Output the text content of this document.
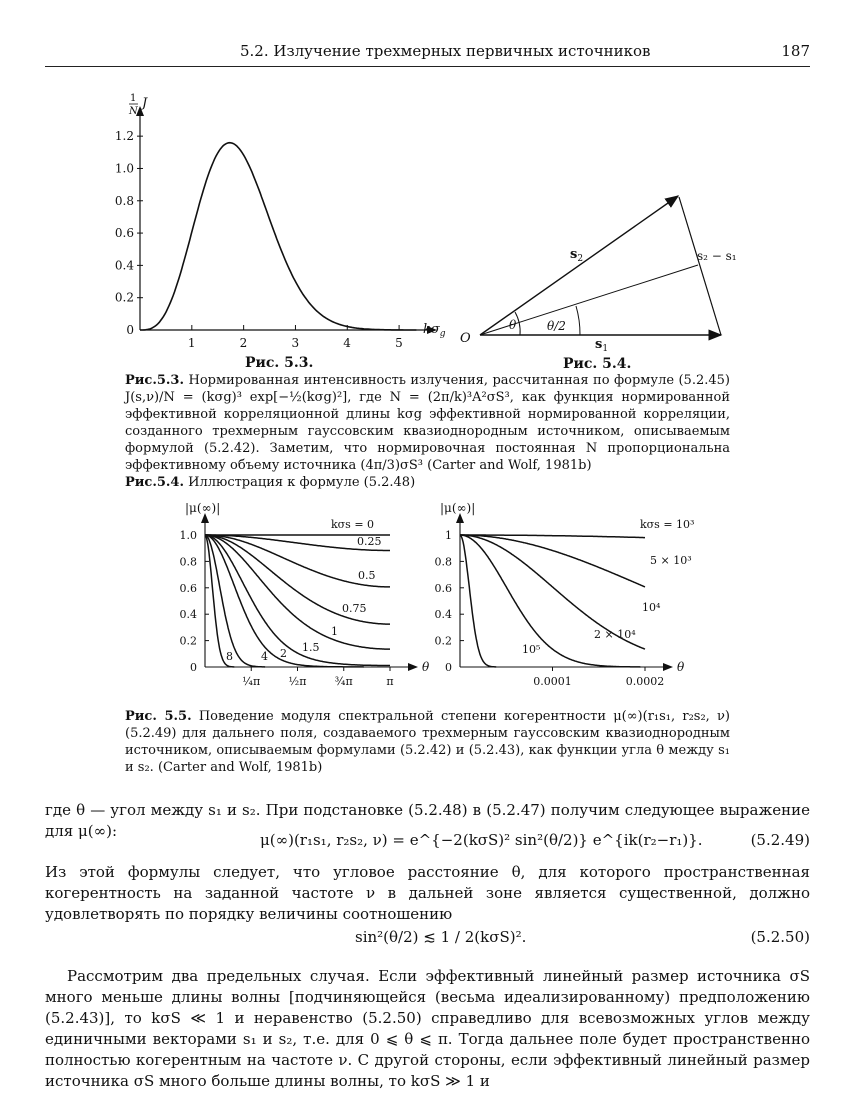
5.2. Излучение трехмерных первичных источников	187
1	2	3	4	5
0
0.2
0.4
0.6
0.8
1.0
1.2
1
N
J
$k\sigma_g$
Рис. 5.3.
O	$s_1$
$s_2$	s₂ − s₁
θ	θ/2
Рис. 5.4.
Рис.5.3. Нормированная интенсивность излучения, рассчитанная по формуле (5.2.45) J(s,ν)/N = (kσg)³ exp[−½(kσg)²], где N = (2π/k)³A²σS³, как функция нормированной эффективной корреляционной длины kσg эффективной нормированной корреляции, созданного трехмерным гауссовским квазиоднородным источником, описываемым формулой (5.2.42). Заметим, что нормировочная постоянная N пропорциональна эффективному объему источника (4π/3)σS³ (Carter and Wolf, 1981b)
Рис.5.4. Иллюстрация к формуле (5.2.48)
θ
0
0.2
0.4
0.6
0.8
1.0
¼π	½π	¾π	π
kσs = 0
0.25
0.5
0.75
1
1.5
2
4
8
θ
0
0.2
0.4
0.6
0.8
1
0.0001	0.0002
kσs = 10³
5 × 10³
10⁴
2 × 10⁴
10⁵
|μ(∞)|	|μ(∞)|
Рис. 5.5. Поведение модуля спектральной степени когерентности μ(∞)(r₁s₁, r₂s₂, ν) (5.2.49) для дальнего поля, создаваемого трехмерным гауссовским квазиоднородным источником, описываемым формулами (5.2.42) и (5.2.43), как функции угла θ между s₁ и s₂. (Carter and Wolf, 1981b)
где θ — угол между s₁ и s₂. При подстановке (5.2.48) в (5.2.47) получим следующее выражение для μ(∞):	μ(∞)(r₁s₁, r₂s₂, ν) = e^{−2(kσS)² sin²(θ/2)} e^{ik(r₂−r₁)}.	(5.2.49)
Из этой формулы следует, что угловое расстояние θ, для которого пространственная когерентность на заданной частоте ν в дальней зоне является существенной, должно удовлетворять по порядку величины соотношению
sin²(θ/2) ≲ 1 / 2(kσS)².	(5.2.50)
Рассмотрим два предельных случая. Если эффективный линейный размер источника σS много меньше длины волны [подчиняющейся (весьма идеализированному) предположению (5.2.43)], то kσS ≪ 1 и неравенство (5.2.50) справедливо для всевозможных углов между единичными векторами s₁ и s₂, т.е. для 0 ⩽ θ ⩽ π. Тогда дальнее поле будет пространственно полностью когерентным на частоте ν. С другой стороны, если эффективный линейный размер источника σS много больше длины волны, то kσS ≫ 1 и
